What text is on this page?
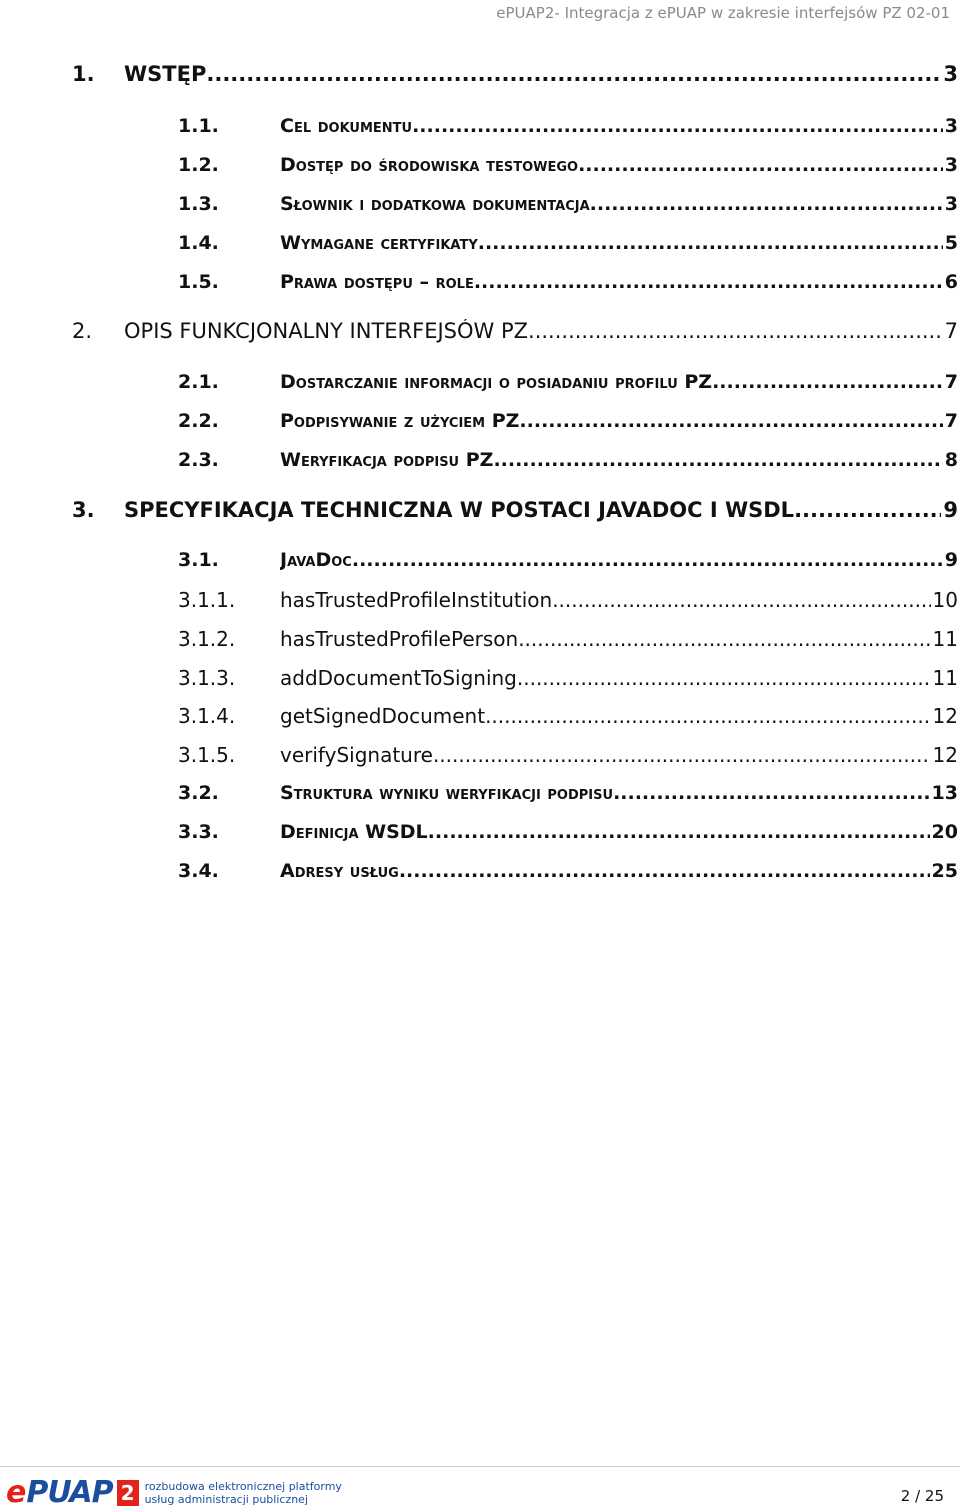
ePUAP2- Integracja z ePUAP w zakresie interfejsów PZ 02-01
1. WSTĘP .....	3
1.1.	Cel dokumentu .....	3
1.2.	Dostęp do środowiska testowego .....	3
1.3.	Słownik i dodatkowa dokumentacja .....	3
1.4.	Wymagane certyfikaty .....	5
1.5.	Prawa dostępu – role .....	6
2. OPIS FUNKCJONALNY INTERFEJSÓW PZ .....	7
2.1.	Dostarczanie informacji o posiadaniu profilu PZ .....	7
2.2.	Podpisywanie z użyciem PZ .....	7
2.3.	Weryfikacja podpisu PZ .....	8
3. SPECYFIKACJA TECHNICZNA W POSTACI JAVADOC I WSDL .....	9
3.1.	JavaDoc .....	9
3.1.1. hasTrustedProfileInstitution .....	10
3.1.2. hasTrustedProfilePerson .....	11
3.1.3. addDocumentToSigning .....	11
3.1.4. getSignedDocument .....	12
3.1.5. verifySignature .....	12
3.2.	Struktura wyniku weryfikacji podpisu .....	13
3.3.	Definicja WSDL .....	20
3.4.	Adresy usług .....	25
e PUAP 2 rozbudowa elektronicznej platformy
usług administracji publicznej	2 / 25
